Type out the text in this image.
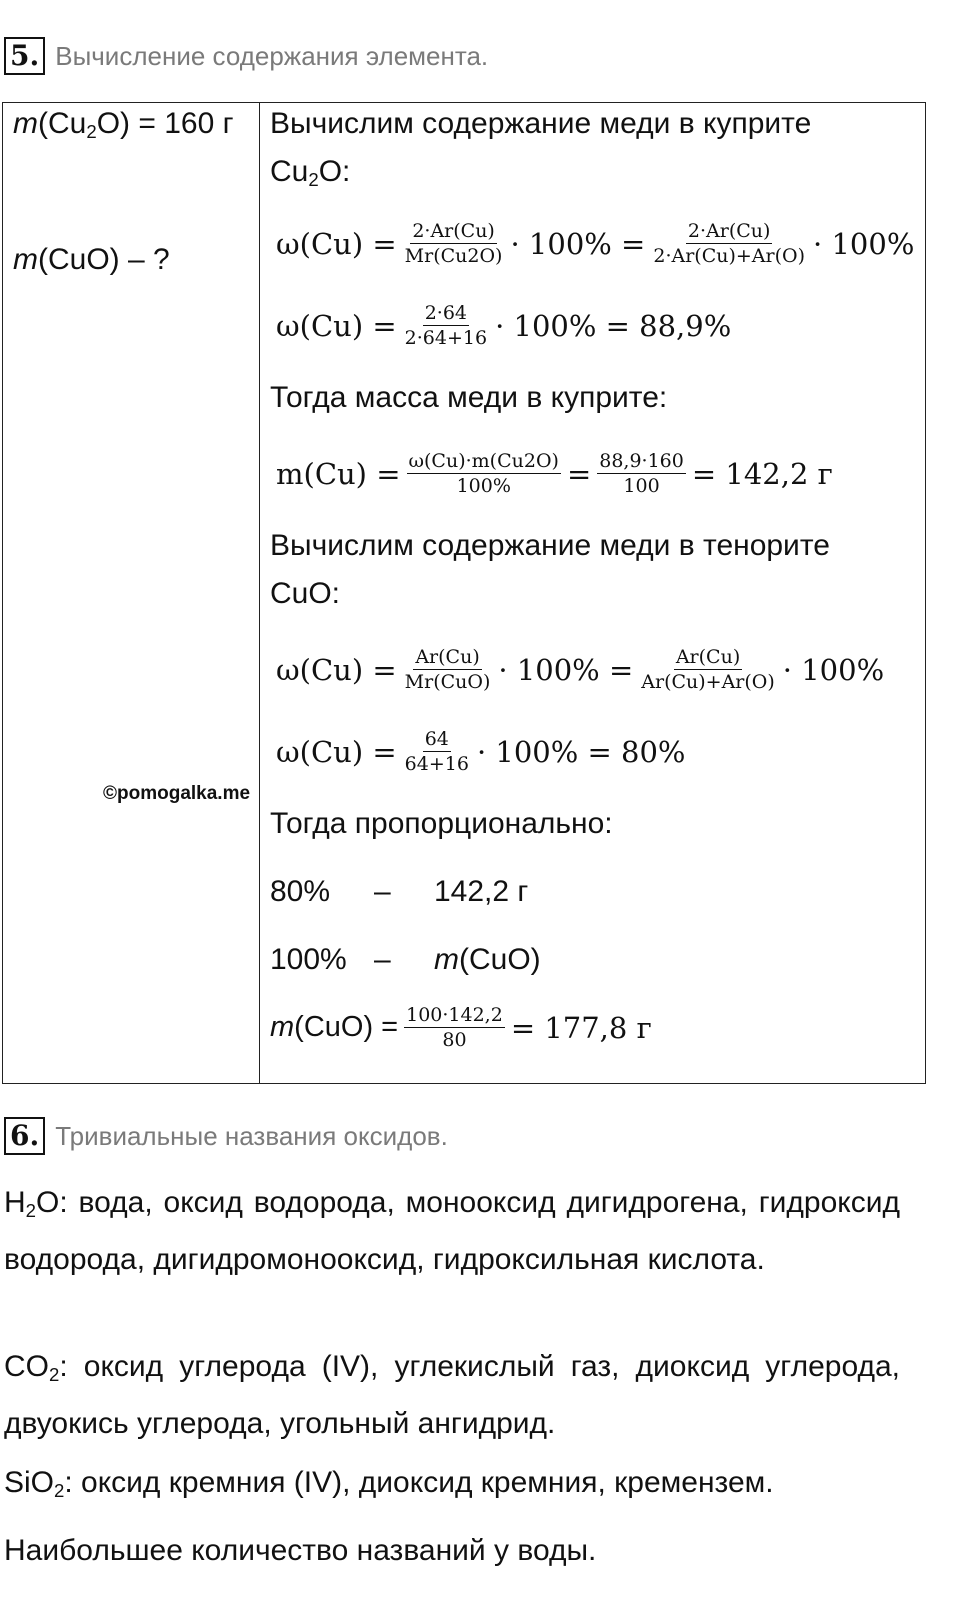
5. Вычисление содержания элемента.
$m(Cu_2O) = 160$ г
m(CuO) – ?
©pomogalka.me

Вычислим содержание меди в куприте
$Cu_2O$:
$\omega(Cu) = \frac{2\cdot Ar(Cu)}{Mr(Cu2O)} \cdot 100\% = \frac{2\cdot Ar(Cu)}{2\cdot Ar(Cu)+Ar(O)} \cdot 100\%$
$\omega(Cu) = \frac{2\cdot 64}{2\cdot 64+16} \cdot 100\% = 88,9\%$
Тогда масса меди в куприте:
$m(Cu) = \frac{\omega(Cu)\cdot m(Cu2O)}{100\%} = \frac{88,9\cdot 160}{100} = 142,2$ г
Вычислим содержание меди в тенорите
CuO:
$\omega(Cu) = \frac{Ar(Cu)}{\text{Mr(CuO)}} \cdot 100\% = \frac{Ar(Cu)}{Ar(Cu)+Ar(O)} \cdot 100\%$
$\omega(Cu) = \frac{64}{64+16} \cdot 100\% = 80\%$
Тогда пропорционально:
80% – 142,2 г
100% – m(CuO)
m $(CuO) = \frac{100\cdot 142,2}{80} = 177,8$ г
6. Тривиальные названия оксидов.
$H_2O$: вода, оксид водорода, монооксид дигидрогена, гидроксид водорода, дигидромонооксид, гидроксильная кислота.
$CO_2$: оксид углерода (IV), углекислый газ, диоксид углерода, двуокись углерода, угольный ангидрид.
SiO$_2$: оксид кремния (IV), диоксид кремния, кремензем.
Наибольшее количество названий у воды.
